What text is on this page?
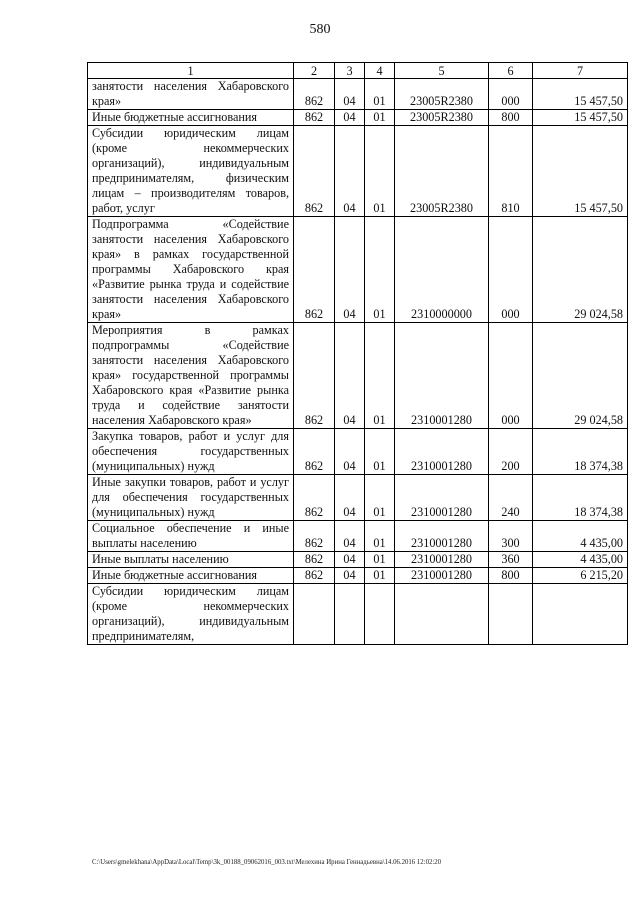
580
1	2	3	4	5	6	7
занятости населения Хабаровского края»	862	04	01	23005R2380	000	15 457,50
Иные бюджетные ассигнования	862	04	01	23005R2380	800	15 457,50
Субсидии юридическим лицам (кроме некоммерческих организаций), индивидуальным предпринимателям, физическим лицам – производителям товаров, работ, услуг	862	04	01	23005R2380	810	15 457,50
Подпрограмма «Содействие занятости населения Хабаровского края» в рамках государственной программы Хабаровского края «Развитие рынка труда и содействие занятости населения Хабаровского края»	862	04	01	2310000000	000	29 024,58
Мероприятия в рамках подпрограммы «Содействие занятости населения Хабаровского края» государственной программы Хабаровского края «Развитие рынка труда и содействие занятости населения Хабаровского края»	862	04	01	2310001280	000	29 024,58
Закупка товаров, работ и услуг для обеспечения государственных (муниципальных) нужд	862	04	01	2310001280	200	18 374,38
Иные закупки товаров, работ и услуг для обеспечения государственных (муниципальных) нужд	862	04	01	2310001280	240	18 374,38
Социальное обеспечение и иные выплаты населению	862	04	01	2310001280	300	4 435,00
Иные выплаты населению	862	04	01	2310001280	360	4 435,00
Иные бюджетные ассигнования	862	04	01	2310001280	800	6 215,20
Субсидии юридическим лицам (кроме некоммерческих организаций), индивидуальным предпринимателям,						
C:\Users\gmelekhana\AppData\Local\Temp\3k_00188_09062016_003.txt\Мелехина Ирина Геннадьевна\14.06.2016 12:02:20
